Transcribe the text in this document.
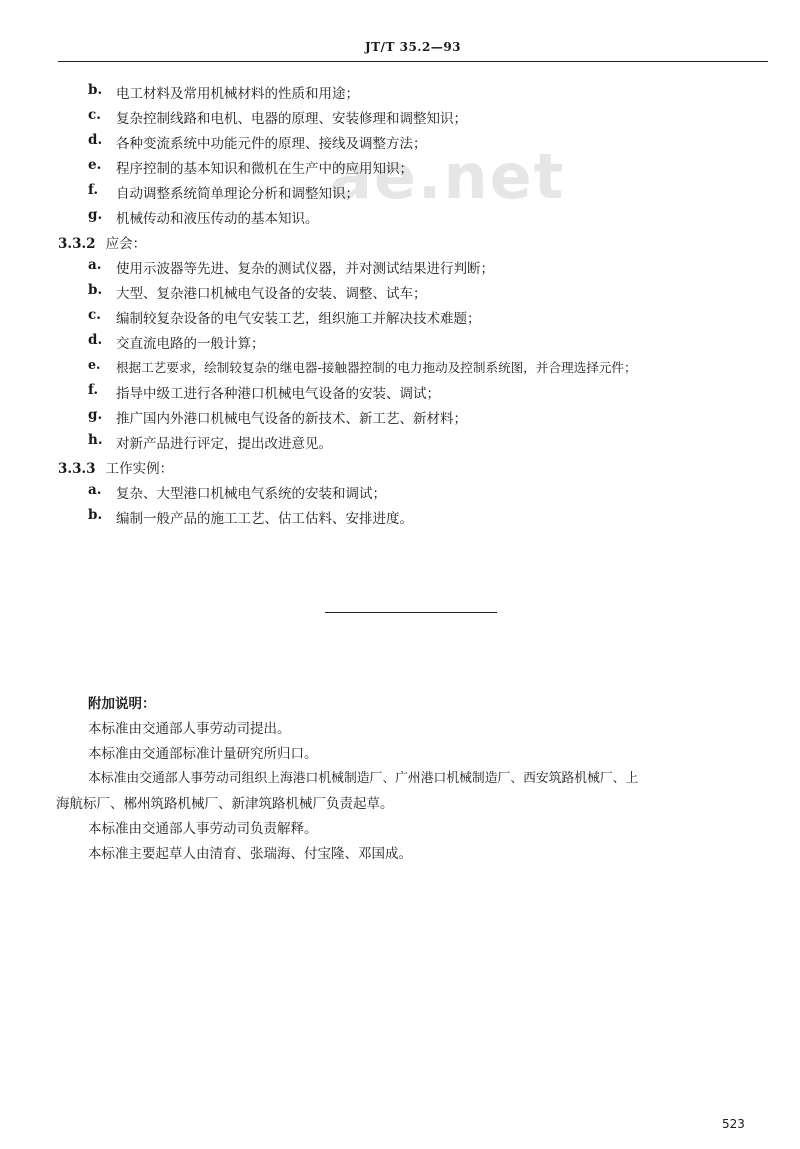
JT/T 35.2—93
ae.net
b. 电工材料及常用机械材料的性质和用途；
c. 复杂控制线路和电机、电器的原理、安装修理和调整知识；
d. 各种变流系统中功能元件的原理、接线及调整方法；
e. 程序控制的基本知识和微机在生产中的应用知识；
f. 自动调整系统简单理论分析和调整知识；
g. 机械传动和液压传动的基本知识。
3.3.2 应会：
a. 使用示波器等先进、复杂的测试仪器，并对测试结果进行判断；
b. 大型、复杂港口机械电气设备的安装、调整、试车；
c. 编制较复杂设备的电气安装工艺，组织施工并解决技术难题；
d. 交直流电路的一般计算；
e. 根据工艺要求，绘制较复杂的继电器-接触器控制的电力拖动及控制系统图，并合理选择元件；
f. 指导中级工进行各种港口机械电气设备的安装、调试；
g. 推广国内外港口机械电气设备的新技术、新工艺、新材料；
h. 对新产品进行评定，提出改进意见。
3.3.3 工作实例：
a. 复杂、大型港口机械电气系统的安装和调试；
b. 编制一般产品的施工工艺、估工估料、安排进度。
附加说明：
本标准由交通部人事劳动司提出。
本标准由交通部标准计量研究所归口。
本标准由交通部人事劳动司组织上海港口机械制造厂、广州港口机械制造厂、西安筑路机械厂、上
海航标厂、郴州筑路机械厂、新津筑路机械厂负责起草。
本标准由交通部人事劳动司负责解释。
本标准主要起草人由清育、张瑞海、付宝隆、邓国成。
523
